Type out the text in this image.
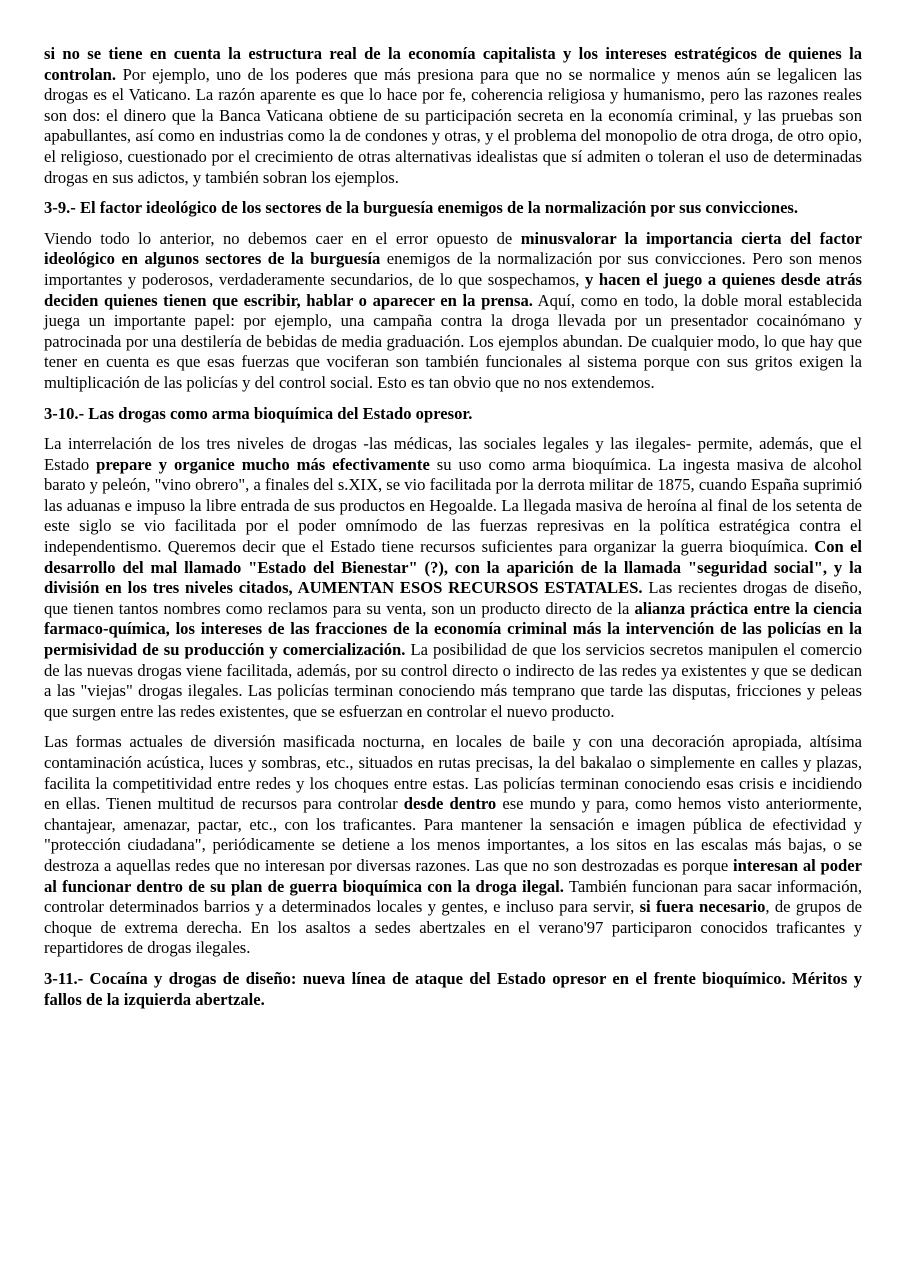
si no se tiene en cuenta la estructura real de la economía capitalista y los intereses estratégicos de quienes la controlan. Por ejemplo, uno de los poderes que más presiona para que no se normalice y menos aún se legalicen las drogas es el Vaticano. La razón aparente es que lo hace por fe, coherencia religiosa y humanismo, pero las razones reales son dos: el dinero que la Banca Vaticana obtiene de su participación secreta en la economía criminal, y las pruebas son apabullantes, así como en industrias como la de condones y otras, y el problema del monopolio de otra droga, de otro opio, el religioso, cuestionado por el crecimiento de otras alternativas idealistas que sí admiten o toleran el uso de determinadas drogas en sus adictos, y también sobran los ejemplos.

3-9.- El factor ideológico de los sectores de la burguesía enemigos de la normalización por sus convicciones.

Viendo todo lo anterior, no debemos caer en el error opuesto de minusvalorar la importancia cierta del factor ideológico en algunos sectores de la burguesía enemigos de la normalización por sus convicciones. Pero son menos importantes y poderosos, verdaderamente secundarios, de lo que sospechamos, y hacen el juego a quienes desde atrás deciden quienes tienen que escribir, hablar o aparecer en la prensa. Aquí, como en todo, la doble moral establecida juega un importante papel: por ejemplo, una campaña contra la droga llevada por un presentador cocainómano y patrocinada por una destilería de bebidas de media graduación. Los ejemplos abundan. De cualquier modo, lo que hay que tener en cuenta es que esas fuerzas que vociferan son también funcionales al sistema porque con sus gritos exigen la multiplicación de las policías y del control social. Esto es tan obvio que no nos extendemos.

3-10.- Las drogas como arma bioquímica del Estado opresor.

La interrelación de los tres niveles de drogas -las médicas, las sociales legales y las ilegales- permite, además, que el Estado prepare y organice mucho más efectivamente su uso como arma bioquímica. La ingesta masiva de alcohol barato y peleón, "vino obrero", a finales del s.XIX, se vio facilitada por la derrota militar de 1875, cuando España suprimió las aduanas e impuso la libre entrada de sus productos en Hegoalde. La llegada masiva de heroína al final de los setenta de este siglo se vio facilitada por el poder omnímodo de las fuerzas represivas en la política estratégica contra el independentismo. Queremos decir que el Estado tiene recursos suficientes para organizar la guerra bioquímica. Con el desarrollo del mal llamado "Estado del Bienestar" (?), con la aparición de la llamada "seguridad social", y la división en los tres niveles citados, AUMENTAN ESOS RECURSOS ESTATALES. Las recientes drogas de diseño, que tienen tantos nombres como reclamos para su venta, son un producto directo de la alianza práctica entre la ciencia farmaco-química, los intereses de las fracciones de la economía criminal más la intervención de las policías en la permisividad de su producción y comercialización. La posibilidad de que los servicios secretos manipulen el comercio de las nuevas drogas viene facilitada, además, por su control directo o indirecto de las redes ya existentes y que se dedican a las "viejas" drogas ilegales. Las policías terminan conociendo más temprano que tarde las disputas, fricciones y peleas que surgen entre las redes existentes, que se esfuerzan en controlar el nuevo producto.

Las formas actuales de diversión masificada nocturna, en locales de baile y con una decoración apropiada, altísima contaminación acústica, luces y sombras, etc., situados en rutas precisas, la del bakalao o simplemente en calles y plazas, facilita la competitividad entre redes y los choques entre estas. Las policías terminan conociendo esas crisis e incidiendo en ellas. Tienen multitud de recursos para controlar desde dentro ese mundo y para, como hemos visto anteriormente, chantajear, amenazar, pactar, etc., con los traficantes. Para mantener la sensación e imagen pública de efectividad y "protección ciudadana", periódicamente se detiene a los menos importantes, a los sitos en las escalas más bajas, o se destroza a aquellas redes que no interesan por diversas razones. Las que no son destrozadas es porque interesan al poder al funcionar dentro de su plan de guerra bioquímica con la droga ilegal. También funcionan para sacar información, controlar determinados barrios y a determinados locales y gentes, e incluso para servir, si fuera necesario, de grupos de choque de extrema derecha. En los asaltos a sedes abertzales en el verano'97 participaron conocidos traficantes y repartidores de drogas ilegales.

3-11.- Cocaína y drogas de diseño: nueva línea de ataque del Estado opresor en el frente bioquímico. Méritos y fallos de la izquierda abertzale.
